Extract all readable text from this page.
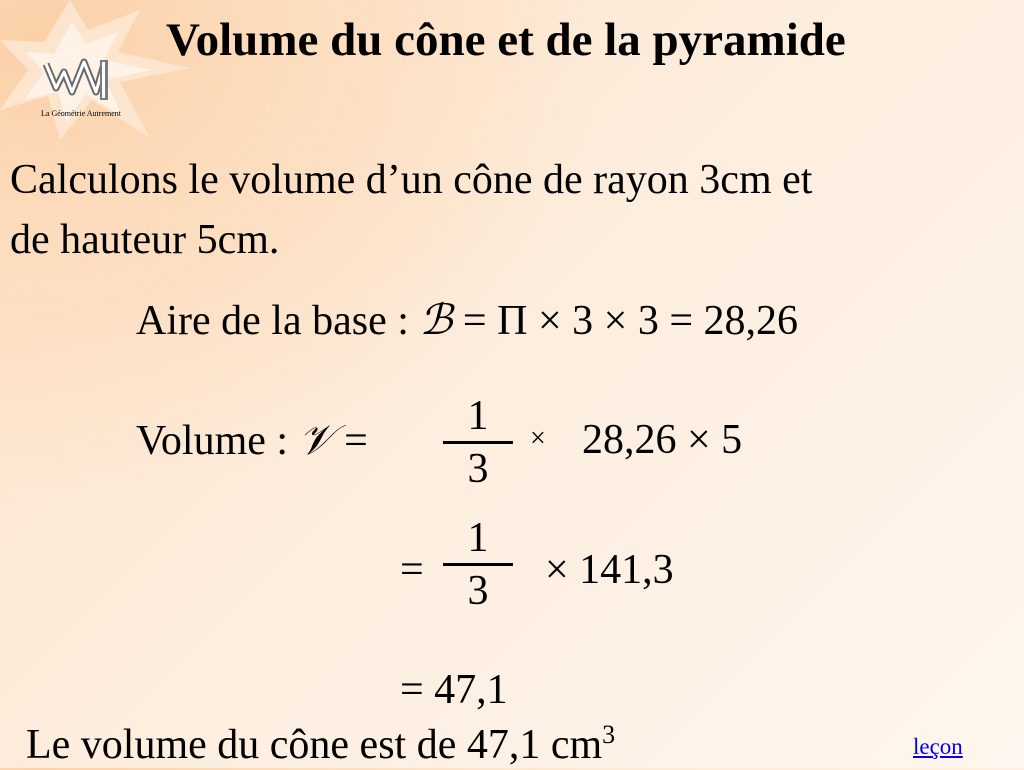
La Géométrie Autrement
Volume du cône et de la pyramide
Calculons le volume d’un cône de rayon 3cm et
de hauteur 5cm.
Aire de la base : ℬ = Π × 3 × 3 = 28,26
Volume : 𝒱 =
1
3
× 28,26 × 5
=
1
3	× 141,3
= 47,1
Le volume du cône est de 47,1 $cm^3$	leçon
